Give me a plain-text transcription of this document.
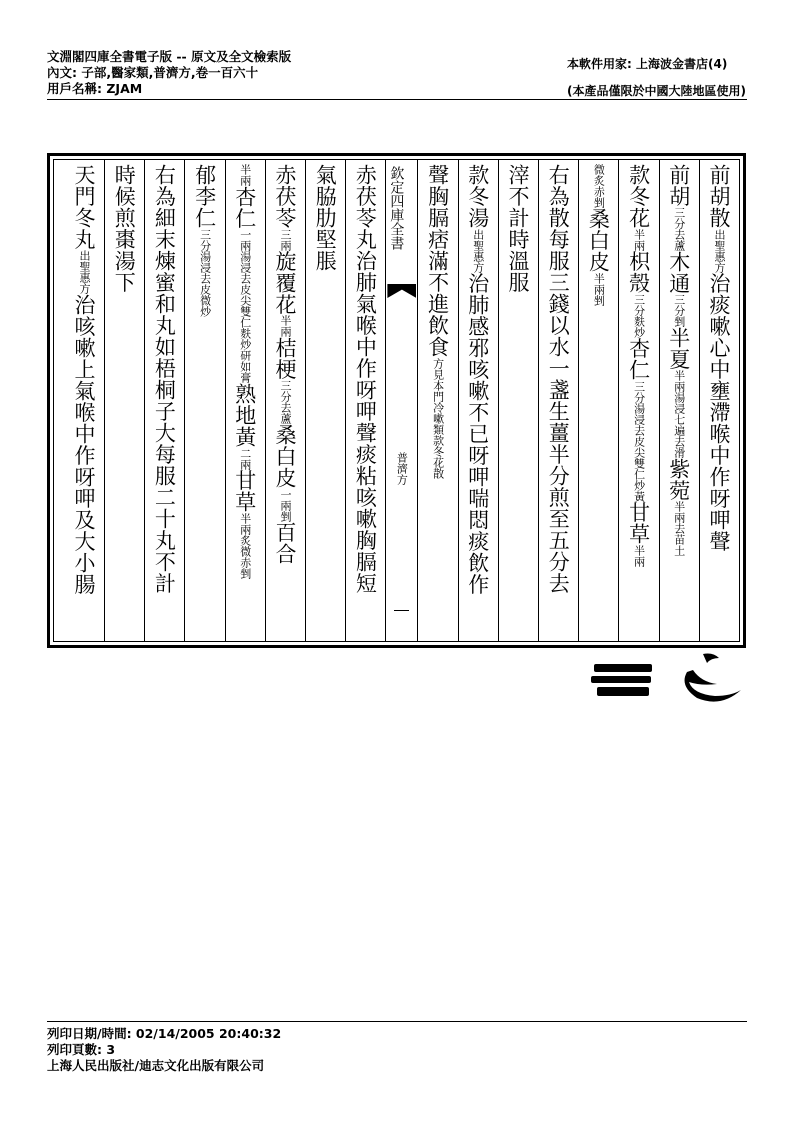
文淵閣四庫全書電子版 -- 原文及全文檢索版
內文: 子部,醫家類,普濟方,卷一百六十
用戶名稱: ZJAM
本軟件用家: 上海波金書店(4)
(本產品僅限於中國大陸地區使用)
前胡散出聖惠方治痰嗽心中壅滯喉中作呀呷聲
前胡三分去蘆木通三分剉半夏半兩湯浸七遍去滑紫菀半兩去苗土
款冬花半兩枳殼三分麩炒杏仁三分湯浸去皮尖雙仁炒黃甘草半兩
微炙赤剉桑白皮半兩剉
右為散每服三錢以水一盞生薑半分煎至五分去
滓不計時溫服
款冬湯出聖惠方治肺感邪咳嗽不已呀呷喘悶痰飲作
聲胸膈痞滿不進飲食方見本門冷嗽類款冬花散
欽定四庫全書
普濟方
赤茯苓丸治肺氣喉中作呀呷聲痰粘咳嗽胸膈短
氣脇肋堅脹
赤茯苓三兩旋覆花半兩桔梗三分去蘆桑白皮一兩剉百合
半兩杏仁一兩湯浸去皮尖雙仁麩炒研如膏熟地黃二兩甘草半兩炙微赤剉
郁李仁三分湯浸去皮微炒
右為細末煉蜜和丸如梧桐子大每服二十丸不計
時候煎棗湯下
天門冬丸出聖惠方治咳嗽上氣喉中作呀呷及大小腸
列印日期/時間: 02/14/2005 20:40:32
列印頁數: 3
上海人民出版社/迪志文化出版有限公司
